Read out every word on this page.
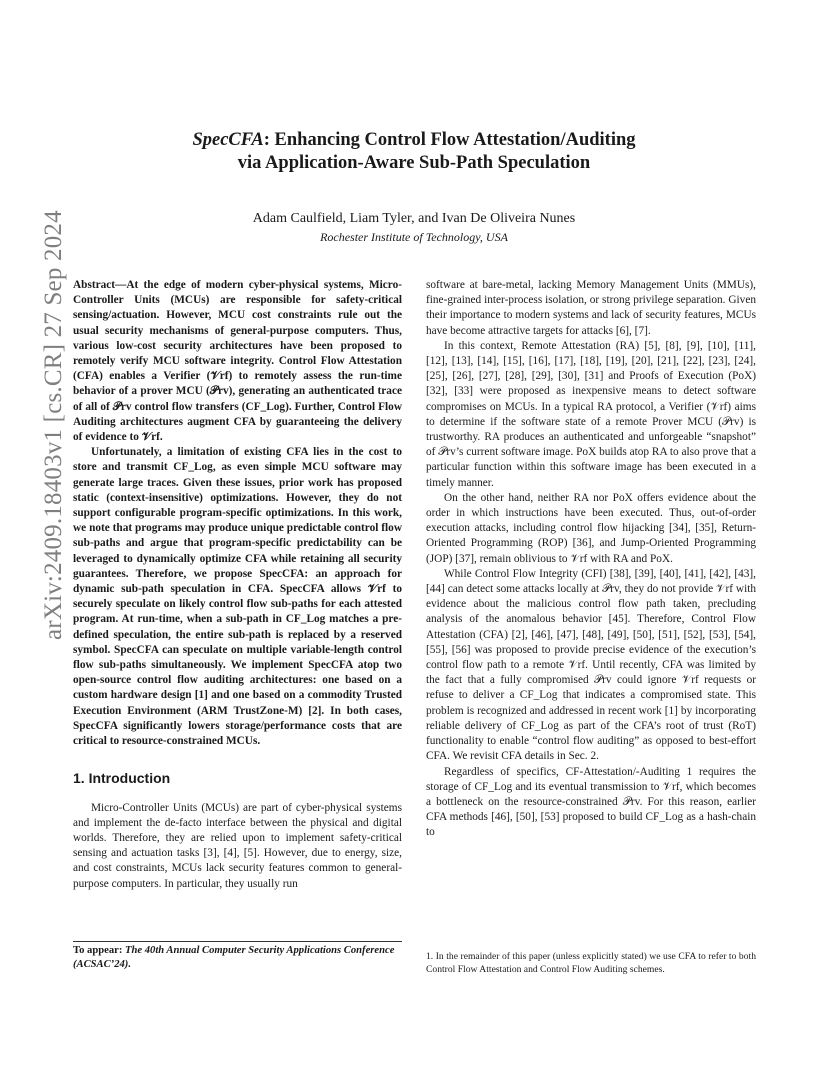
arXiv:2409.18403v1 [cs.CR] 27 Sep 2024
SpecCFA: Enhancing Control Flow Attestation/Auditing
via Application-Aware Sub-Path Speculation
Adam Caulfield, Liam Tyler, and Ivan De Oliveira Nunes
Rochester Institute of Technology, USA

Abstract—At the edge of modern cyber-physical systems, Micro-Controller Units (MCUs) are responsible for safety-critical sensing/actuation. However, MCU cost constraints rule out the usual security mechanisms of general-purpose computers. Thus, various low-cost security architectures have been proposed to remotely verify MCU software integrity. Control Flow Attestation (CFA) enables a Verifier (𝒱rf) to remotely assess the run-time behavior of a prover MCU (𝒫rv), generating an authenticated trace of all of 𝒫rv control flow transfers (CF_Log). Further, Control Flow Auditing architectures augment CFA by guaranteeing the delivery of evidence to 𝒱rf.

Unfortunately, a limitation of existing CFA lies in the cost to store and transmit CF_Log, as even simple MCU software may generate large traces. Given these issues, prior work has proposed static (context-insensitive) optimizations. However, they do not support configurable program-specific optimizations. In this work, we note that programs may produce unique predictable control flow sub-paths and argue that program-specific predictability can be leveraged to dynamically optimize CFA while retaining all security guarantees. Therefore, we propose SpecCFA: an approach for dynamic sub-path speculation in CFA. SpecCFA allows 𝒱rf to securely speculate on likely control flow sub-paths for each attested program. At run-time, when a sub-path in CF_Log matches a pre-defined speculation, the entire sub-path is replaced by a reserved symbol. SpecCFA can speculate on multiple variable-length control flow sub-paths simultaneously. We implement SpecCFA atop two open-source control flow auditing architectures: one based on a custom hardware design [1] and one based on a commodity Trusted Execution Environment (ARM TrustZone-M) [2]. In both cases, SpecCFA significantly lowers storage/performance costs that are critical to resource-constrained MCUs.

1. Introduction

Micro-Controller Units (MCUs) are part of cyber-physical systems and implement the de-facto interface between the physical and digital worlds. Therefore, they are relied upon to implement safety-critical sensing and actuation tasks [3], [4], [5]. However, due to energy, size, and cost constraints, MCUs lack security features common to general-purpose computers. In particular, they usually run

software at bare-metal, lacking Memory Management Units (MMUs), fine-grained inter-process isolation, or strong privilege separation. Given their importance to modern systems and lack of security features, MCUs have become attractive targets for attacks [6], [7].

In this context, Remote Attestation (RA) [5], [8], [9], [10], [11], [12], [13], [14], [15], [16], [17], [18], [19], [20], [21], [22], [23], [24], [25], [26], [27], [28], [29], [30], [31] and Proofs of Execution (PoX) [32], [33] were proposed as inexpensive means to detect software compromises on MCUs. In a typical RA protocol, a Verifier (𝒱rf) aims to determine if the software state of a remote Prover MCU (𝒫rv) is trustworthy. RA produces an authenticated and unforgeable “snapshot” of 𝒫rv’s current software image. PoX builds atop RA to also prove that a particular function within this software image has been executed in a timely manner.

On the other hand, neither RA nor PoX offers evidence about the order in which instructions have been executed. Thus, out-of-order execution attacks, including control flow hijacking [34], [35], Return-Oriented Programming (ROP) [36], and Jump-Oriented Programming (JOP) [37], remain oblivious to 𝒱rf with RA and PoX.

While Control Flow Integrity (CFI) [38], [39], [40], [41], [42], [43], [44] can detect some attacks locally at 𝒫rv, they do not provide 𝒱rf with evidence about the malicious control flow path taken, precluding analysis of the anomalous behavior [45]. Therefore, Control Flow Attestation (CFA) [2], [46], [47], [48], [49], [50], [51], [52], [53], [54], [55], [56] was proposed to provide precise evidence of the execution’s control flow path to a remote 𝒱rf. Until recently, CFA was limited by the fact that a fully compromised 𝒫rv could ignore 𝒱rf requests or refuse to deliver a CF_Log that indicates a compromised state. This problem is recognized and addressed in recent work [1] by incorporating reliable delivery of CF_Log as part of the CFA’s root of trust (RoT) functionality to enable “control flow auditing” as opposed to best-effort CFA. We revisit CFA details in Sec. 2.

Regardless of specifics, CF-Attestation/-Auditing 1 requires the storage of CF_Log and its eventual transmission to 𝒱rf, which becomes a bottleneck on the resource-constrained 𝒫rv. For this reason, earlier CFA methods [46], [50], [53] proposed to build CF_Log as a hash-chain to

To appear: The 40th Annual Computer Security Applications Conference (ACSAC’24).
1. In the remainder of this paper (unless explicitly stated) we use CFA to refer to both Control Flow Attestation and Control Flow Auditing schemes.
